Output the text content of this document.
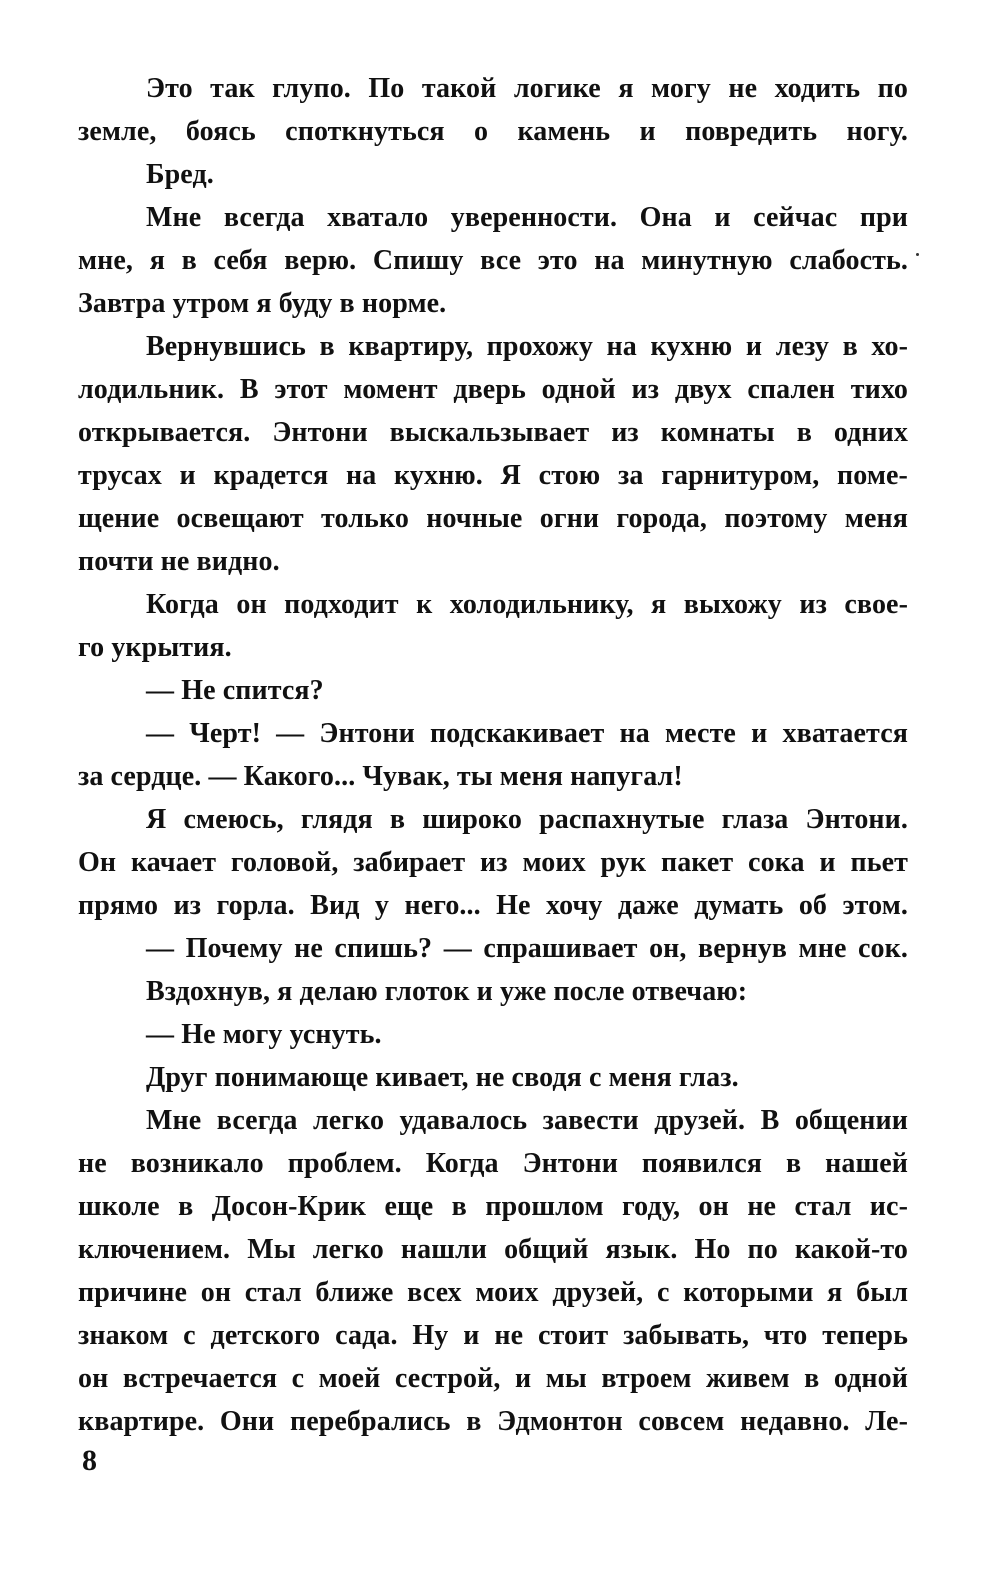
Это так глупо. По такой логике я могу не ходить по
земле, боясь споткнуться о камень и повредить ногу.
Бред.
Мне всегда хватало уверенности. Она и сейчас при
мне, я в себя верю. Спишу все это на минутную слабость.
Завтра утром я буду в норме.
Вернувшись в квартиру, прохожу на кухню и лезу в хо-
лодильник. В этот момент дверь одной из двух спален тихо
открывается. Энтони выскальзывает из комнаты в одних
трусах и крадется на кухню. Я стою за гарнитуром, поме-
щение освещают только ночные огни города, поэтому меня
почти не видно.
Когда он подходит к холодильнику, я выхожу из свое-
го укрытия.
— Не спится?
— Черт! — Энтони подскакивает на месте и хватается
за сердце. — Какого... Чувак, ты меня напугал!
Я смеюсь, глядя в широко распахнутые глаза Энтони.
Он качает головой, забирает из моих рук пакет сока и пьет
прямо из горла. Вид у него... Не хочу даже думать об этом.
— Почему не спишь? — спрашивает он, вернув мне сок.
Вздохнув, я делаю глоток и уже после отвечаю:
— Не могу уснуть.
Друг понимающе кивает, не сводя с меня глаз.
Мне всегда легко удавалось завести друзей. В общении
не возникало проблем. Когда Энтони появился в нашей
школе в Досон-Крик еще в прошлом году, он не стал ис-
ключением. Мы легко нашли общий язык. Но по какой-то
причине он стал ближе всех моих друзей, с которыми я был
знаком с детского сада. Ну и не стоит забывать, что теперь
он встречается с моей сестрой, и мы втроем живем в одной
квартире. Они перебрались в Эдмонтон совсем недавно. Ле-
8
